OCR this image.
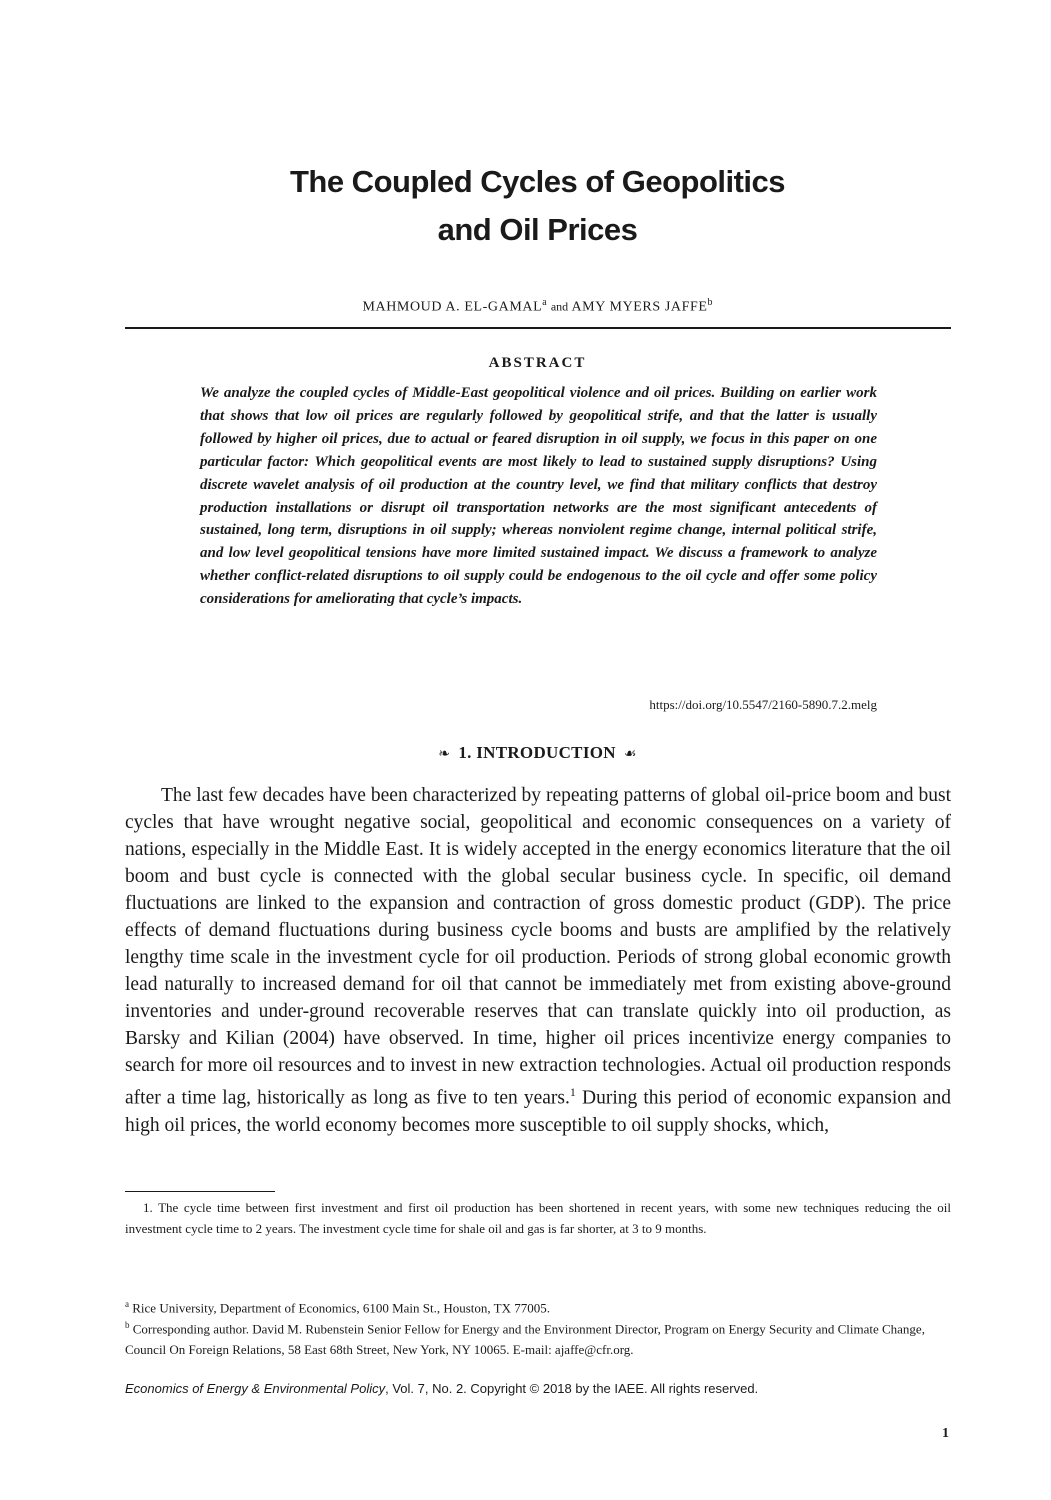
The Coupled Cycles of Geopolitics
and Oil Prices
MAHMOUD A. EL-GAMAL$^a$ and AMY MYERS JAFFE$^b$
ABSTRACT

We analyze the coupled cycles of Middle-East geopolitical violence and oil prices. Building on earlier work that shows that low oil prices are regularly followed by geopolitical strife, and that the latter is usually followed by higher oil prices, due to actual or feared disruption in oil supply, we focus in this paper on one particular factor: Which geopolitical events are most likely to lead to sustained supply disruptions? Using discrete wavelet analysis of oil production at the country level, we find that military conflicts that destroy production installations or disrupt oil transportation networks are the most significant antecedents of sustained, long term, disruptions in oil supply; whereas nonviolent regime change, internal political strife, and low level geopolitical tensions have more limited sustained impact. We discuss a framework to analyze whether conflict-related disruptions to oil supply could be endogenous to the oil cycle and offer some policy considerations for ameliorating that cycle’s impacts.

https://doi.org/10.5547/2160-5890.7.2.melg
❧ 1. INTRODUCTION ☙

The last few decades have been characterized by repeating patterns of global oil-price boom and bust cycles that have wrought negative social, geopolitical and economic consequences on a variety of nations, especially in the Middle East. It is widely accepted in the energy economics literature that the oil boom and bust cycle is connected with the global secular business cycle. In specific, oil demand fluctuations are linked to the expansion and contraction of gross domestic product (GDP). The price effects of demand fluctuations during business cycle booms and busts are amplified by the relatively lengthy time scale in the investment cycle for oil production. Periods of strong global economic growth lead naturally to increased demand for oil that cannot be immediately met from existing above-ground inventories and under-ground recoverable reserves that can translate quickly into oil production, as Barsky and Kilian (2004) have observed. In time, higher oil prices incentivize energy companies to search for more oil resources and to invest in new extraction technologies. Actual oil production responds after a time lag, historically as long as five to ten years.$^1$ During this period of economic expansion and high oil prices, the world economy becomes more susceptible to oil supply shocks, which,

1. The cycle time between first investment and first oil production has been shortened in recent years, with some new techniques reducing the oil investment cycle time to 2 years. The investment cycle time for shale oil and gas is far shorter, at 3 to 9 months.

$^a$ Rice University, Department of Economics, 6100 Main St., Houston, TX 77005.

$^b$ Corresponding author. David M. Rubenstein Senior Fellow for Energy and the Environment Director, Program on Energy Security and Climate Change, Council On Foreign Relations, 58 East 68th Street, New York, NY 10065. E-mail: ajaffe@cfr.org.

Economics of Energy & Environmental Policy, Vol. 7, No. 2. Copyright © 2018 by the IAEE. All rights reserved.
1
